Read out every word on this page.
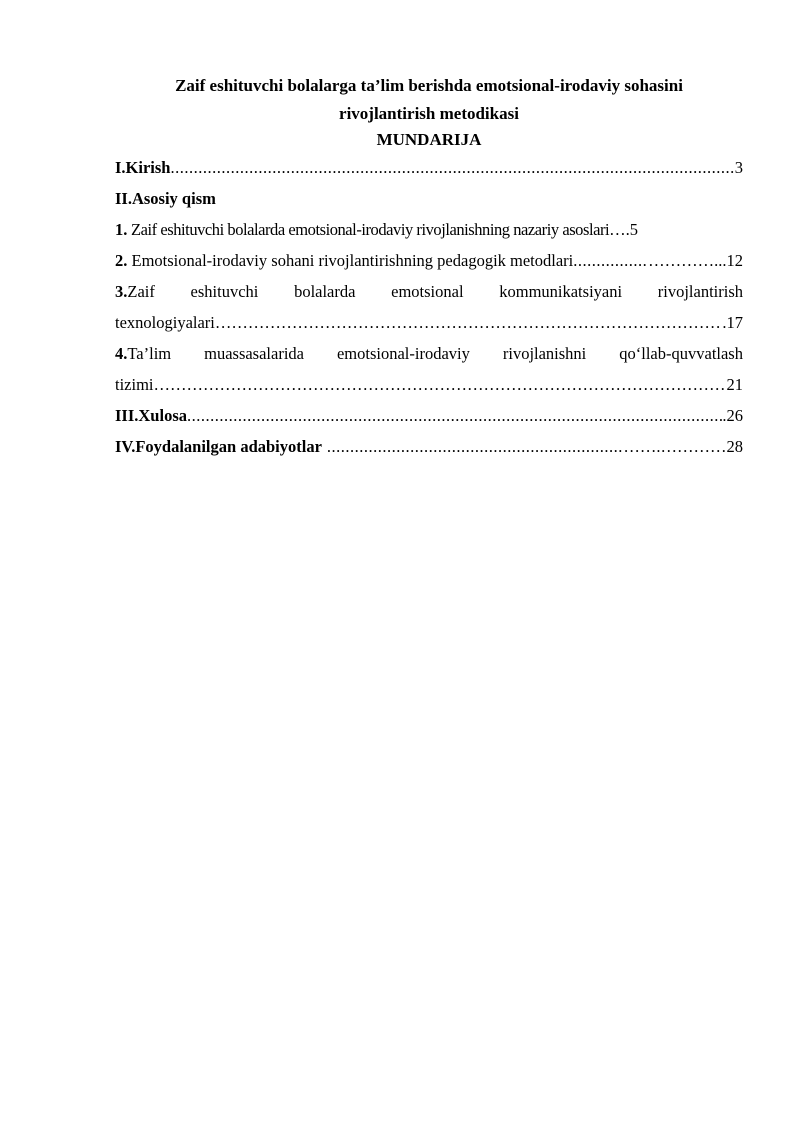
Zaif eshituvchi bolalarga ta’lim berishda emotsional-irodaviy sohasini

rivojlantirish metodikasi

MUNDARIJA

I.Kirish .....	3
II.Asosiy qism
1. Zaif eshituvchi bolalarda emotsional-irodaviy rivojlanishning nazariy asoslari ….5
2. Emotsional-irodaviy sohani rivojlantirishning pedagogik metodlari .....	…………...12
3.Zaif eshituvchi bolalarda emotsional kommunikatsiyani rivojlantirish
texnologiyalari ………………………………………………………………………………………………………………………………………………………………………………	.17
4.Ta’lim muassasalarida emotsional-irodaviy rivojlanishni qo‘llab-quvvatlash
tizimi ………………………………………………………………………………………………………………………………………………………………………………	21
III.Xulosa .....	.26
IV.Foydalanilgan adabiyotlar .....	…….…………28
